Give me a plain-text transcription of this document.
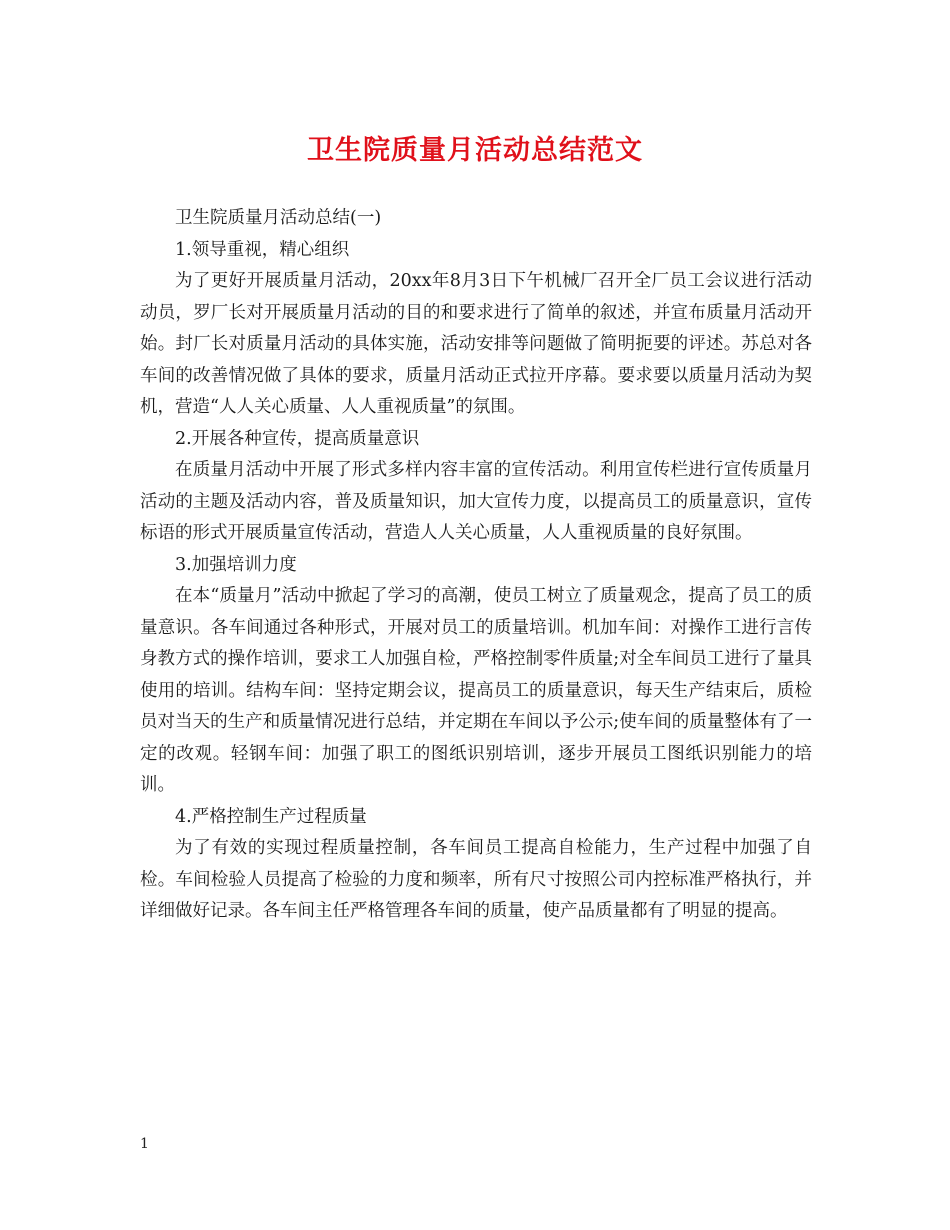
卫生院质量月活动总结范文

卫生院质量月活动总结(一)

1.领导重视，精心组织

为了更好开展质量月活动，20xx年8月3日下午机械厂召开全厂员工会议进行活动动员，罗厂长对开展质量月活动的目的和要求进行了简单的叙述，并宣布质量月活动开始。封厂长对质量月活动的具体实施，活动安排等问题做了简明扼要的评述。苏总对各车间的改善情况做了具体的要求，质量月活动正式拉开序幕。要求要以质量月活动为契机，营造“人人关心质量、人人重视质量”的氛围。

2.开展各种宣传，提高质量意识

在质量月活动中开展了形式多样内容丰富的宣传活动。利用宣传栏进行宣传质量月活动的主题及活动内容，普及质量知识，加大宣传力度，以提高员工的质量意识，宣传标语的形式开展质量宣传活动，营造人人关心质量，人人重视质量的良好氛围。

3.加强培训力度

在本“质量月”活动中掀起了学习的高潮，使员工树立了质量观念，提高了员工的质量意识。各车间通过各种形式，开展对员工的质量培训。机加车间：对操作工进行言传身教方式的操作培训，要求工人加强自检，严格控制零件质量;对全车间员工进行了量具使用的培训。结构车间：坚持定期会议，提高员工的质量意识，每天生产结束后，质检员对当天的生产和质量情况进行总结，并定期在车间以予公示;使车间的质量整体有了一定的改观。轻钢车间：加强了职工的图纸识别培训，逐步开展员工图纸识别能力的培训。

4.严格控制生产过程质量

为了有效的实现过程质量控制，各车间员工提高自检能力，生产过程中加强了自检。车间检验人员提高了检验的力度和频率，所有尺寸按照公司内控标准严格执行，并详细做好记录。各车间主任严格管理各车间的质量，使产品质量都有了明显的提高。

1
